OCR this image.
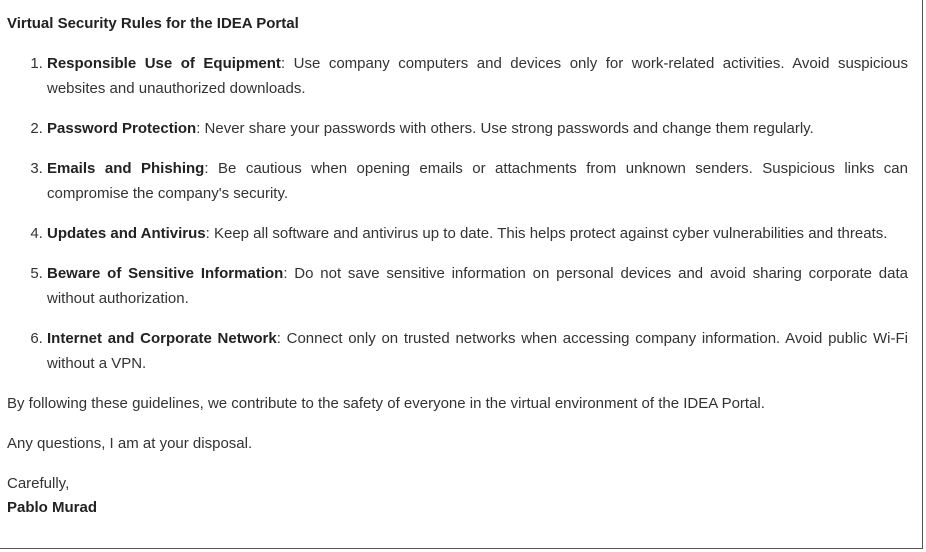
Virtual Security Rules for the IDEA Portal
1. Responsible Use of Equipment: Use company computers and devices only for work-related activities. Avoid suspicious websites and unauthorized downloads.
2. Password Protection: Never share your passwords with others. Use strong passwords and change them regularly.
3. Emails and Phishing: Be cautious when opening emails or attachments from unknown senders. Suspicious links can compromise the company's security.
4. Updates and Antivirus: Keep all software and antivirus up to date. This helps protect against cyber vulnerabilities and threats.
5. Beware of Sensitive Information: Do not save sensitive information on personal devices and avoid sharing corporate data without authorization.
6. Internet and Corporate Network: Connect only on trusted networks when accessing company information. Avoid public Wi-Fi without a VPN.

By following these guidelines, we contribute to the safety of everyone in the virtual environment of the IDEA Portal.

Any questions, I am at your disposal.

Carefully,
Pablo Murad
